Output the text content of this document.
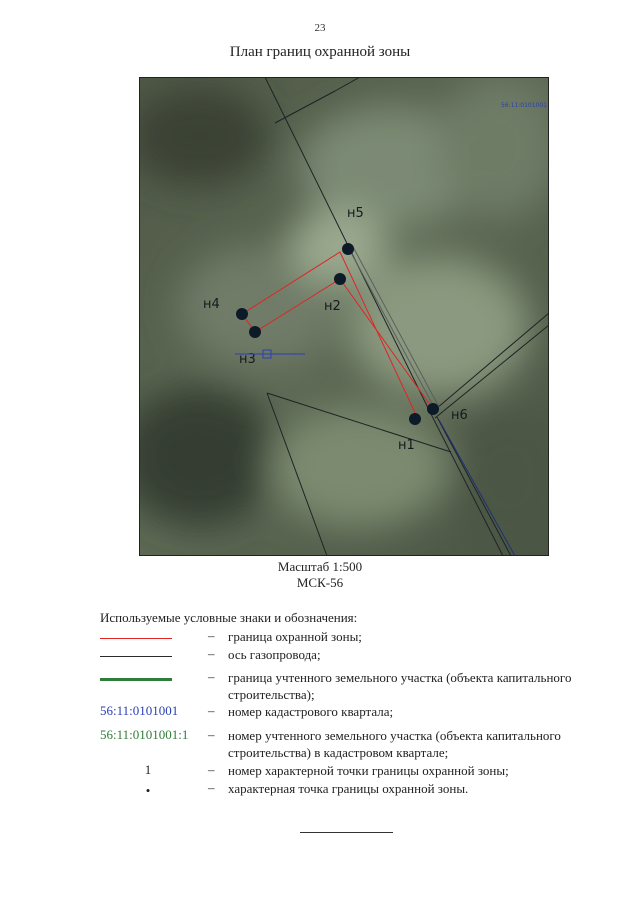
23
План границ охранной зоны
н5
н2
н4
н3
н1
н6
56:11:0101001
Масштаб 1:500
МСК-56
Используемые условные знаки и обозначения:
– граница охранной зоны;
– ось газопровода;
– граница учтенного земельного участка (объекта капитального строительства);
56:11:0101001 – номер кадастрового квартала;
56:11:0101001:1 – номер учтенного земельного участка (объекта капитального строительства) в кадастровом квартале;
1	– номер характерной точки границы охранной зоны;
•	– характерная точка границы охранной зоны.
